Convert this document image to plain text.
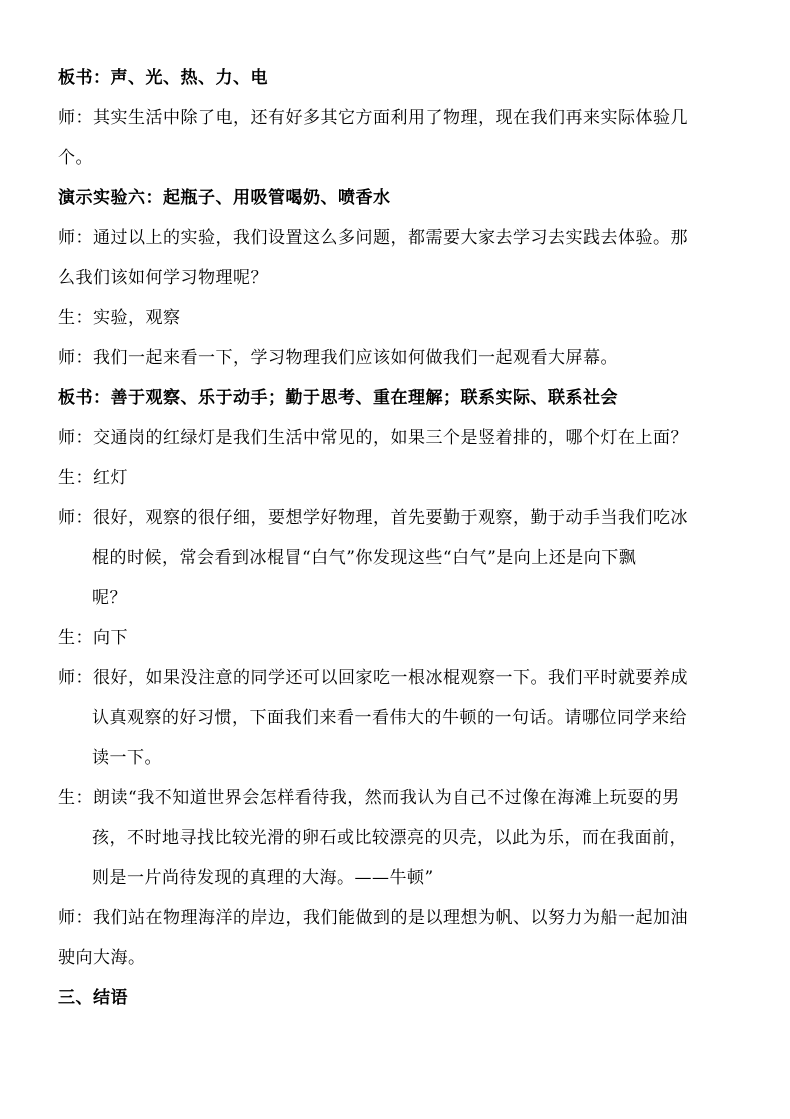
板书：声、光、热、力、电
师：其实生活中除了电，还有好多其它方面利用了物理，现在我们再来实际体验几
个。
演示实验六：起瓶子、用吸管喝奶、喷香水
师：通过以上的实验，我们设置这么多问题，都需要大家去学习去实践去体验。那
么我们该如何学习物理呢？
生：实验，观察
师：我们一起来看一下，学习物理我们应该如何做我们一起观看大屏幕。
板书：善于观察、乐于动手；勤于思考、重在理解；联系实际、联系社会
师：交通岗的红绿灯是我们生活中常见的，如果三个是竖着排的，哪个灯在上面？
生：红灯
师：很好，观察的很仔细，要想学好物理，首先要勤于观察，勤于动手当我们吃冰
棍的时候，常会看到冰棍冒“白气”你发现这些“白气”是向上还是向下飘
呢？
生：向下
师：很好，如果没注意的同学还可以回家吃一根冰棍观察一下。我们平时就要养成
认真观察的好习惯，下面我们来看一看伟大的牛顿的一句话。请哪位同学来给
读一下。
生：朗读“我不知道世界会怎样看待我，然而我认为自己不过像在海滩上玩耍的男
孩，不时地寻找比较光滑的卵石或比较漂亮的贝壳，以此为乐，而在我面前，
则是一片尚待发现的真理的大海。——牛顿”
师：我们站在物理海洋的岸边，我们能做到的是以理想为帆、以努力为船一起加油
驶向大海。
三、结语
